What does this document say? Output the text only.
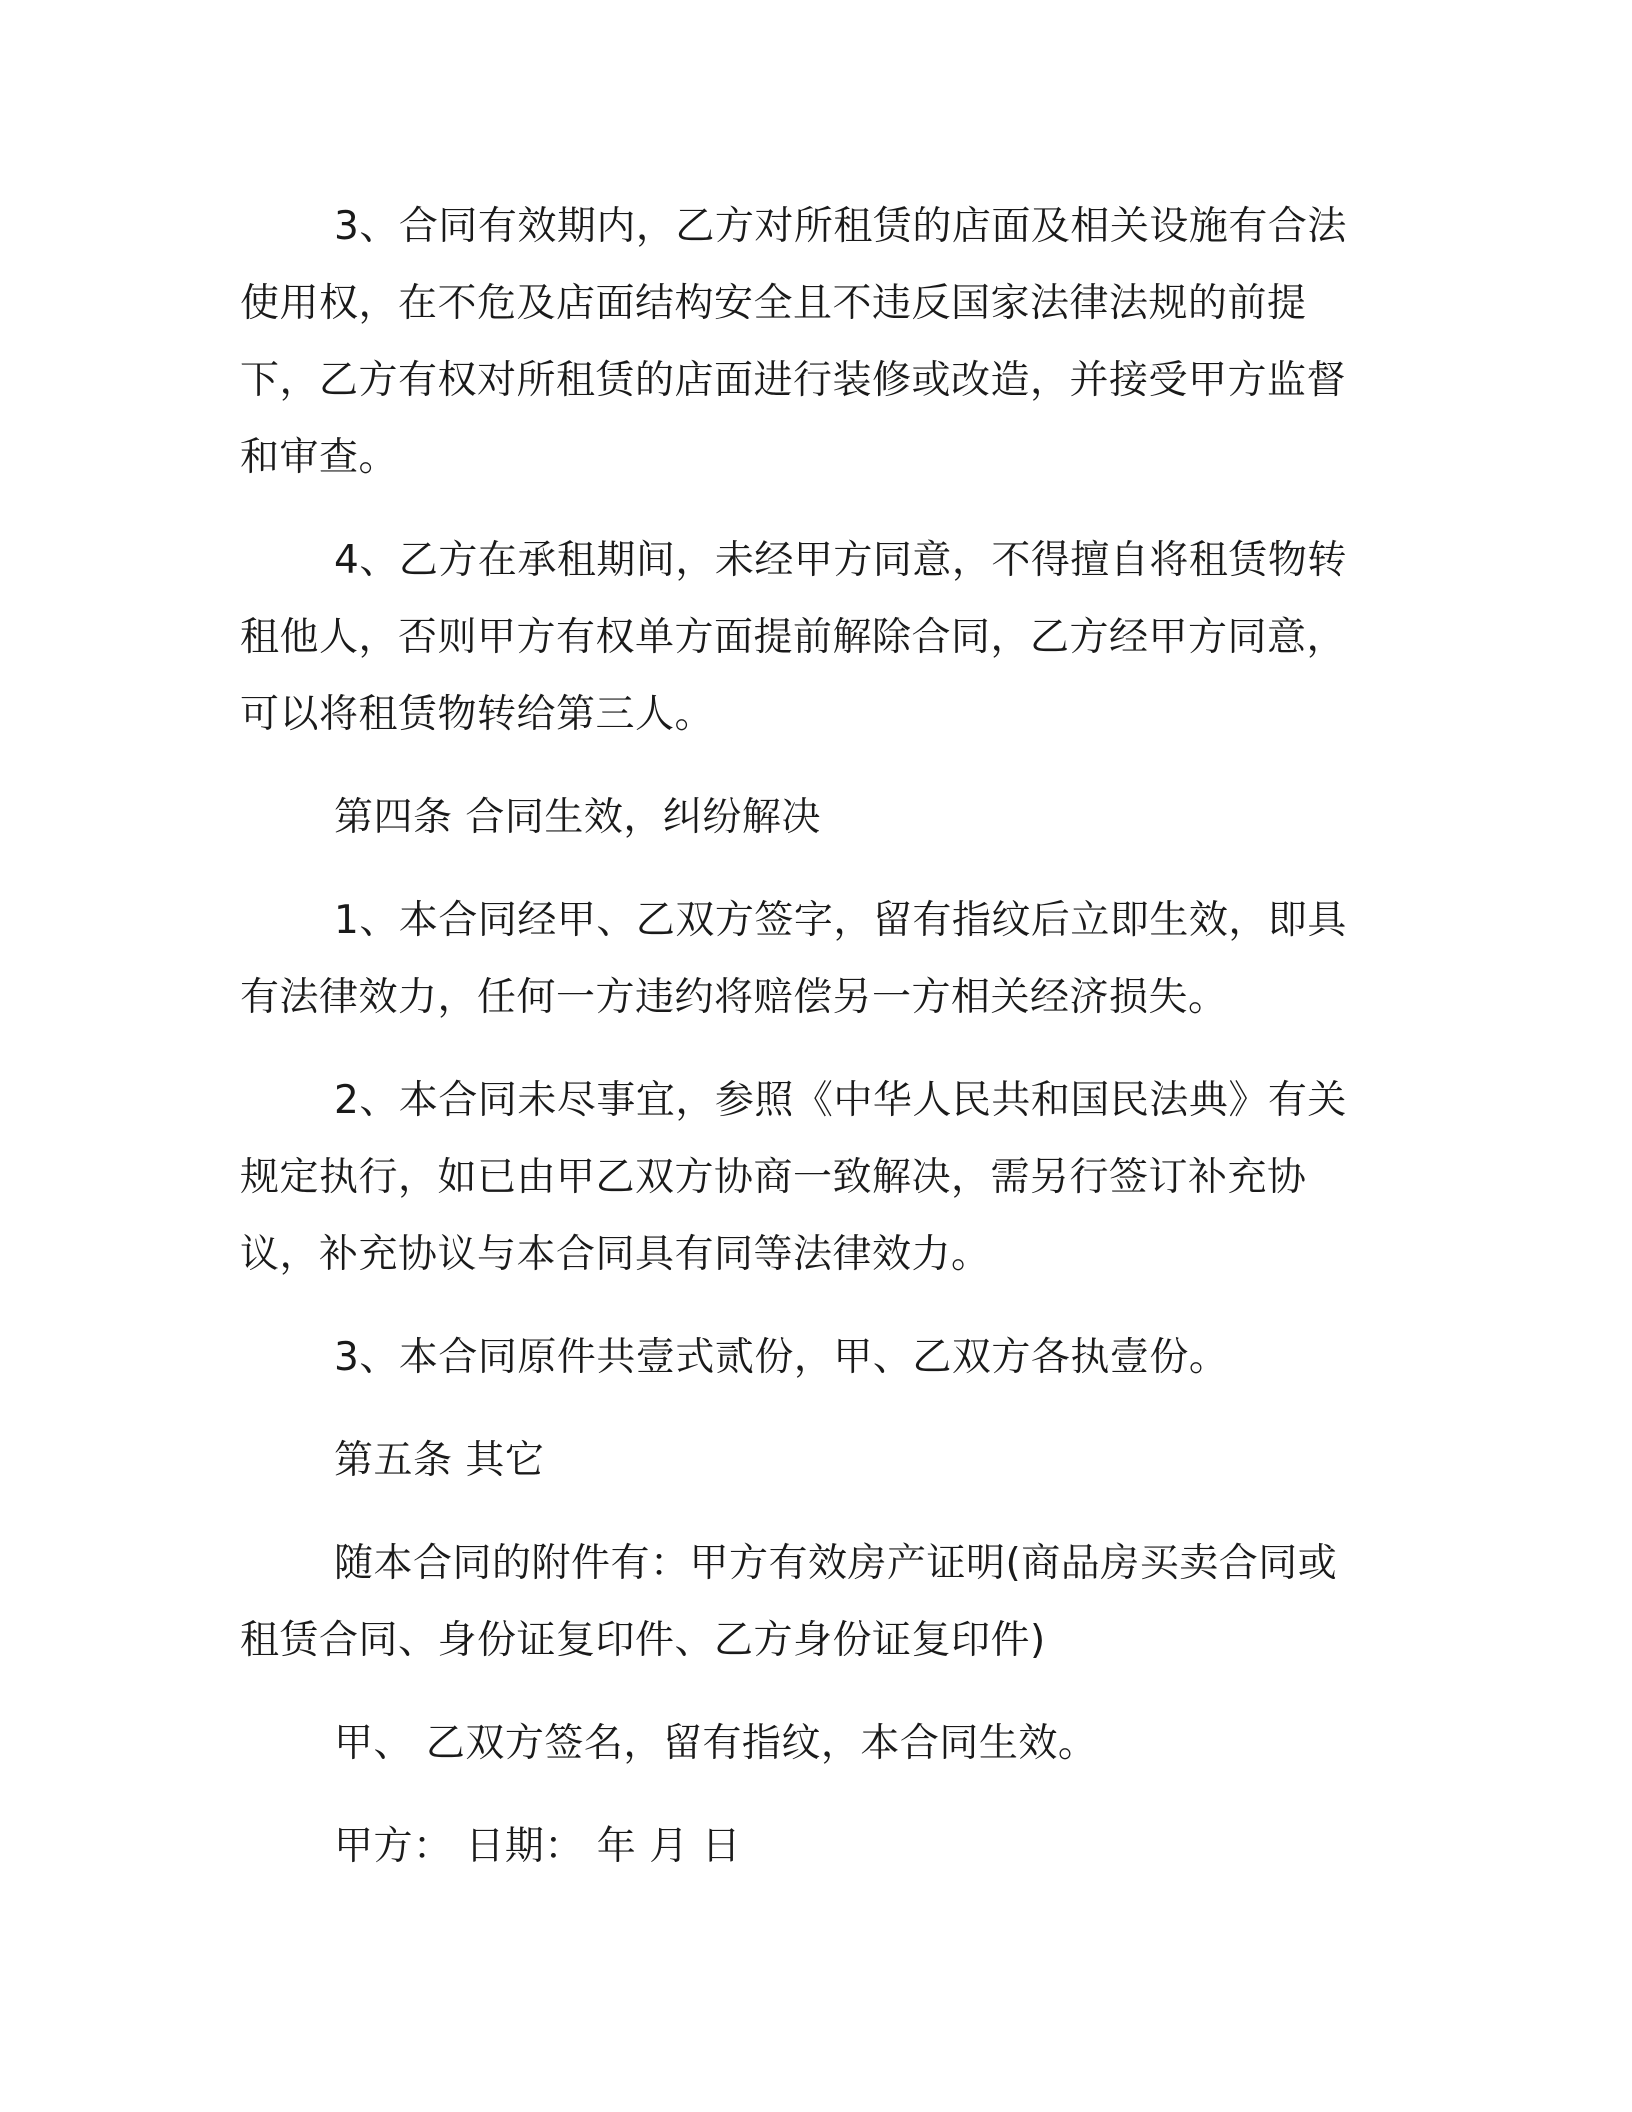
3、合同有效期内，乙方对所租赁的店面及相关设施有合法使用权，在不危及店面结构安全且不违反国家法律法规的前提下，乙方有权对所租赁的店面进行装修或改造，并接受甲方监督和审查。

4、乙方在承租期间，未经甲方同意，不得擅自将租赁物转租他人，否则甲方有权单方面提前解除合同，乙方经甲方同意，可以将租赁物转给第三人。

第四条 合同生效，纠纷解决

1、本合同经甲、乙双方签字，留有指纹后立即生效，即具有法律效力，任何一方违约将赔偿另一方相关经济损失。

2、本合同未尽事宜，参照《中华人民共和国民法典》有关规定执行，如已由甲乙双方协商一致解决，需另行签订补充协议，补充协议与本合同具有同等法律效力。

3、本合同原件共壹式贰份，甲、乙双方各执壹份。

第五条 其它

随本合同的附件有：甲方有效房产证明(商品房买卖合同或租赁合同、身份证复印件、乙方身份证复印件)

甲、 乙双方签名，留有指纹，本合同生效。

甲方： 日期： 年 月 日
